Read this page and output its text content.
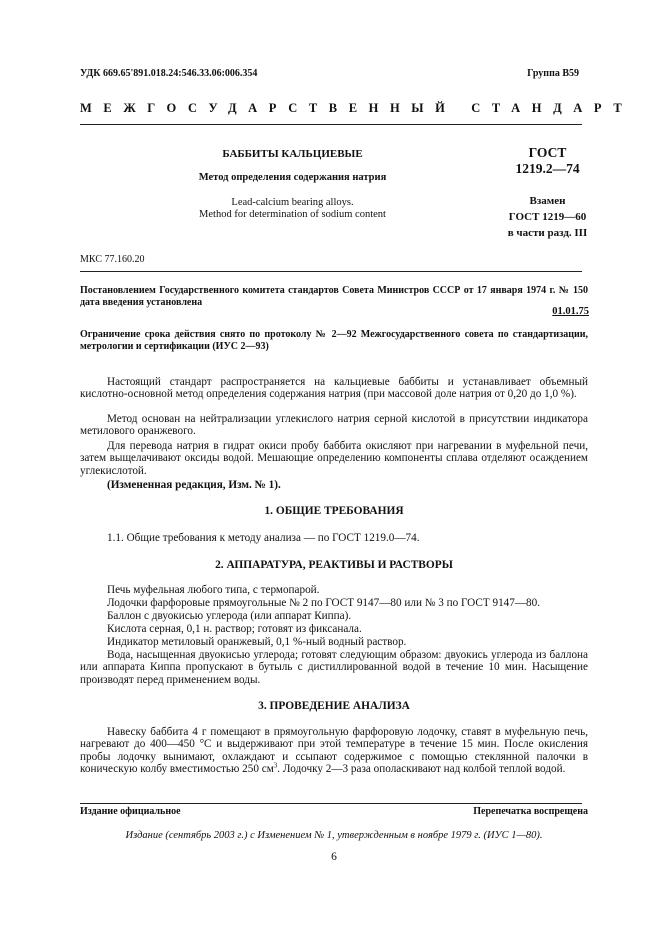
УДК 669.65'891.018.24:546.33.06:006.354	Группа В59
МЕЖГОСУДАРСТВЕННЫЙ СТАНДАРТ
БАББИТЫ КАЛЬЦИЕВЫЕ
Метод определения содержания натрия
Lead-calcium bearing alloys.
Method for determination of sodium content
ГОСТ
1219.2—74
Взамен
ГОСТ 1219—60
в части разд. III
МКС 77.160.20
Постановлением Государственного комитета стандартов Совета Министров СССР от 17 января 1974 г. № 150 дата введения установлена
01.01.75
Ограничение срока действия снято по протоколу № 2—92 Межгосударственного совета по стандартизации, метрологии и сертификации (ИУС 2—93)
Настоящий стандарт распространяется на кальциевые баббиты и устанавливает объемный кислотно-основной метод определения содержания натрия (при массовой доле натрия от 0,20 до 1,0 %).
Метод основан на нейтрализации углекислого натрия серной кислотой в присутствии индикатора метилового оранжевого.
Для перевода натрия в гидрат окиси пробу баббита окисляют при нагревании в муфельной печи, затем выщелачивают оксиды водой. Мешающие определению компоненты сплава отделяют осаждением углекислотой.
(Измененная редакция, Изм. № 1).
1. ОБЩИЕ ТРЕБОВАНИЯ
1.1. Общие требования к методу анализа — по ГОСТ 1219.0—74.
2. АППАРАТУРА, РЕАКТИВЫ И РАСТВОРЫ
Печь муфельная любого типа, с термопарой.
Лодочки фарфоровые прямоугольные № 2 по ГОСТ 9147—80 или № 3 по ГОСТ 9147—80.
Баллон с двуокисью углерода (или аппарат Киппа).
Кислота серная, 0,1 н. раствор; готовят из фиксанала.
Индикатор метиловый оранжевый, 0,1 %-ный водный раствор.
Вода, насыщенная двуокисью углерода; готовят следующим образом: двуокись углерода из баллона или аппарата Киппа пропускают в бутыль с дистиллированной водой в течение 10 мин. Насыщение производят перед применением воды.
3. ПРОВЕДЕНИЕ АНАЛИЗА
Навеску баббита 4 г помещают в прямоугольную фарфоровую лодочку, ставят в муфельную печь, нагревают до 400—450 °С и выдерживают при этой температуре в течение 15 мин. После окисления пробы лодочку вынимают, охлаждают и ссыпают содержимое с помощью стеклянной палочки в коническую колбу вместимостью 250 $см^3$. Лодочку 2—3 раза ополаскивают над колбой теплой водой.
Издание официальное	Перепечатка воспрещена
Издание (сентябрь 2003 г.) с Изменением № 1, утвержденным в ноябре 1979 г. (ИУС 1—80).
6
